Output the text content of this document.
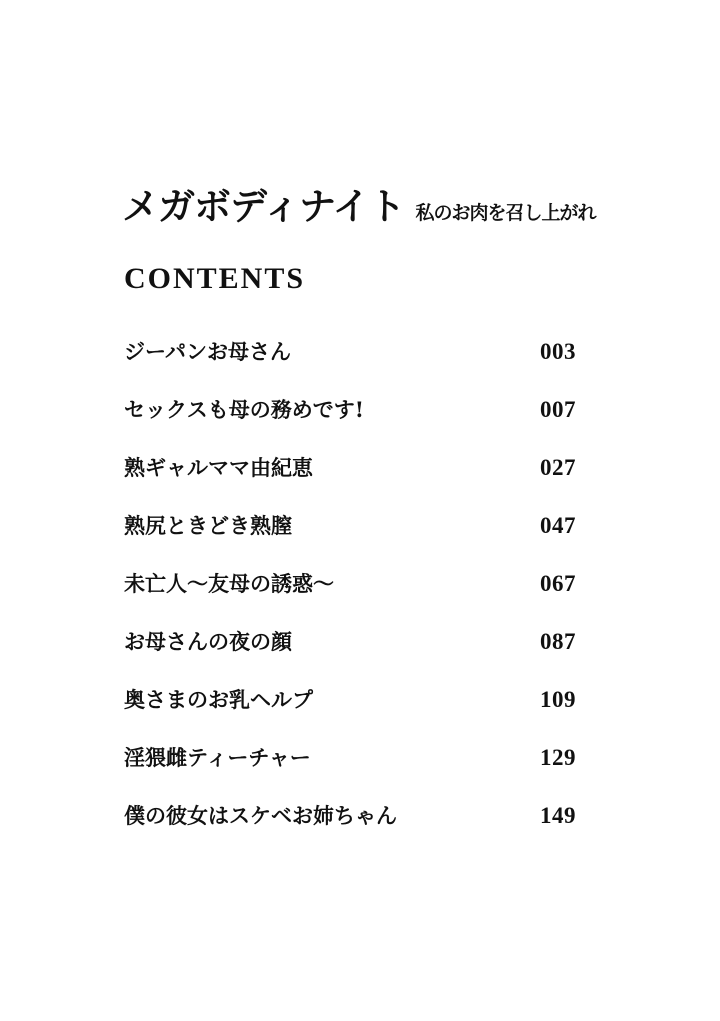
メガボディナイト 私のお肉を召し上がれ
CONTENTS
ジーパンお母さん	003
セックスも母の務めです!	007
熟ギャルママ由紀恵	027
熟尻ときどき熟膣	047
未亡人〜友母の誘惑〜	067
お母さんの夜の顔	087
奥さまのお乳ヘルプ	109
淫猥雌ティーチャー	129
僕の彼女はスケベお姉ちゃん	149
